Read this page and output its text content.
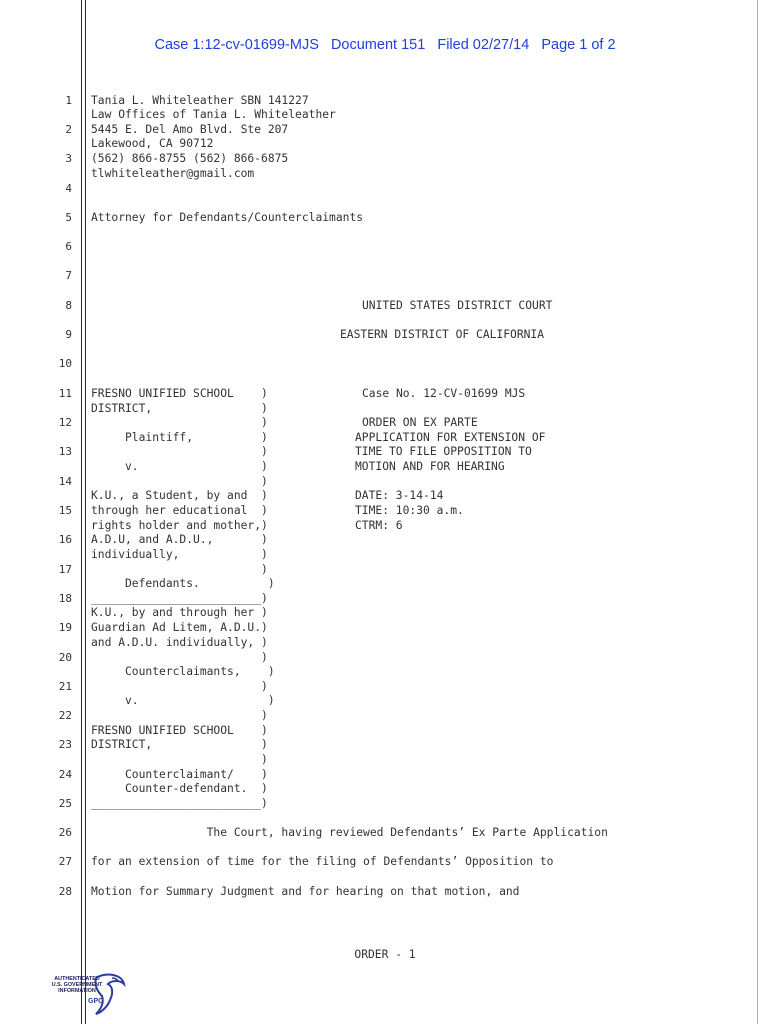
Case 1:12-cv-01699-MJS   Document 151   Filed 02/27/14   Page 1 of 2
1
2
3
4
5
6
7
8
9
10
11
12
13
14
15
16
17
18
19
20
21
22
23
24
25
26
27
28
Tania L. Whiteleather SBN 141227
Law Offices of Tania L. Whiteleather
5445 E. Del Amo Blvd. Ste 207
Lakewood, CA 90712
(562) 866-8755 (562) 866-6875
tlwhiteleather@gmail.com
Attorney for Defendants/Counterclaimants
UNITED STATES DISTRICT COURT
EASTERN DISTRICT OF CALIFORNIA
FRESNO UNIFIED SCHOOL    )
DISTRICT,                )
)
Plaintiff,          )
)
v.                  )
)
K.U., a Student, by and  )
through her educational  )
rights holder and mother,)
A.D.U, and A.D.U.,       )
individually,            )
)
Defendants.          )
_________________________)
K.U., by and through her )
Guardian Ad Litem, A.D.U.)
and A.D.U. individually, )
)
Counterclaimants,    )
)
v.                   )
)
FRESNO UNIFIED SCHOOL    )
DISTRICT,                )
)
Counterclaimant/    )
Counter-defendant.  )
_________________________)
Case No. 12-CV-01699 MJS
ORDER ON EX PARTE
APPLICATION FOR EXTENSION OF
TIME TO FILE OPPOSITION TO
MOTION AND FOR HEARING
DATE: 3-14-14
TIME: 10:30 a.m.
CTRM: 6
The Court, having reviewed Defendants’ Ex Parte Application
for an extension of time for the filing of Defendants’ Opposition to
Motion for Summary Judgment and for hearing on that motion, and
ORDER - 1
AUTHENTICATED
U.S. GOVERNMENT
INFORMATION
GPO
